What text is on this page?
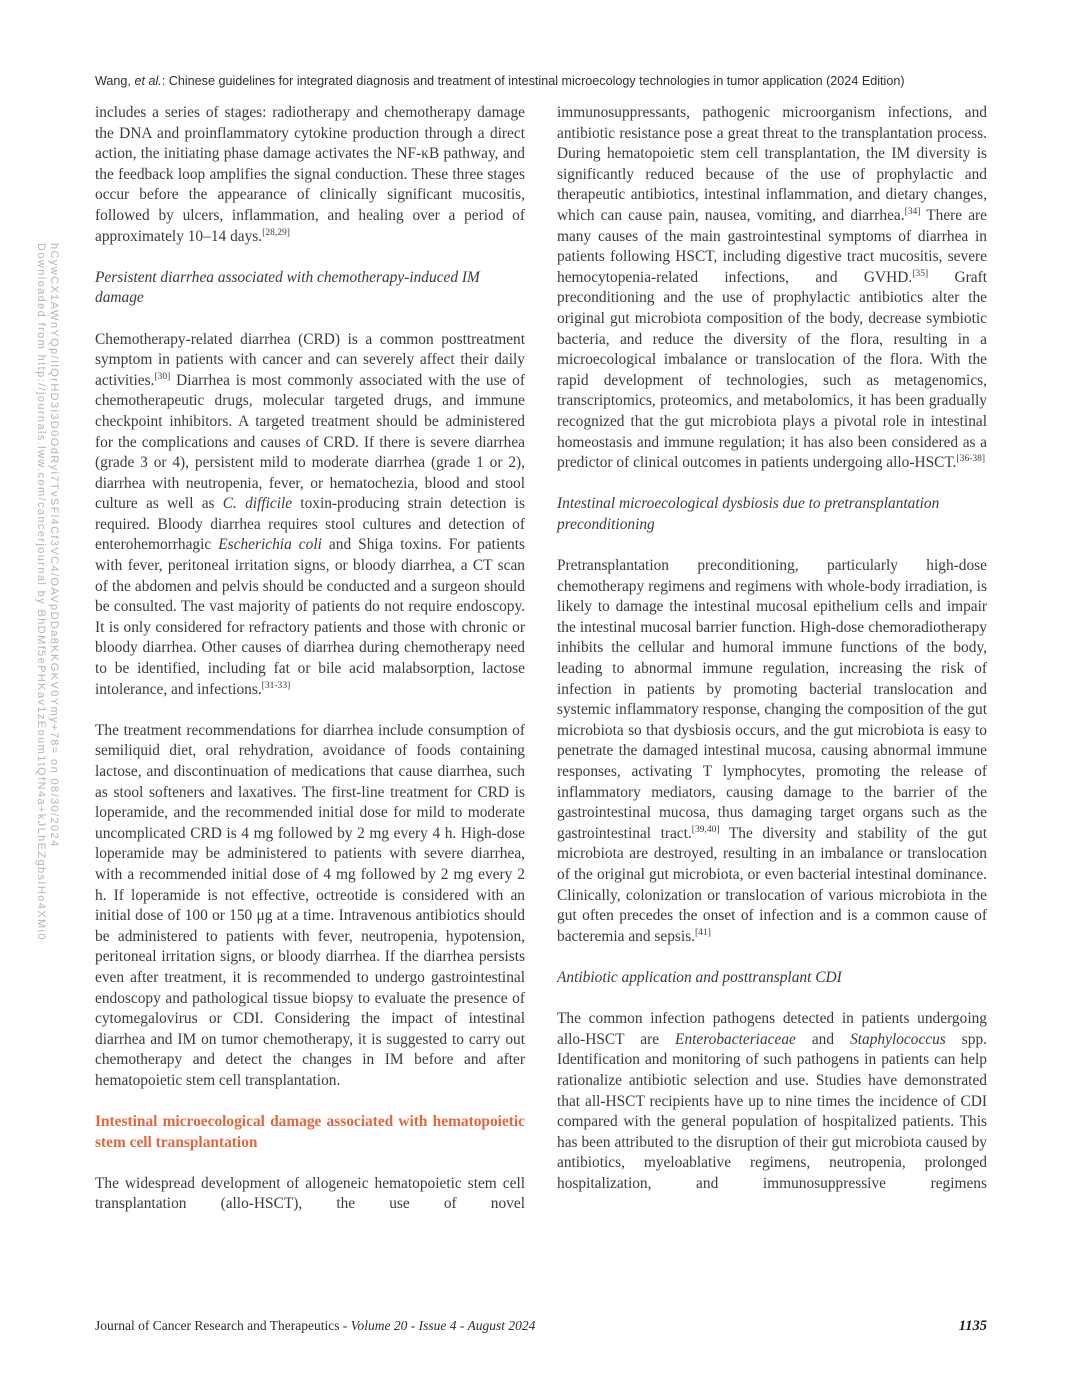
Wang, et al.: Chinese guidelines for integrated diagnosis and treatment of intestinal microecology technologies in tumor application (2024 Edition)
Downloaded from http://journals.lww.com/cancerjournal by BhDMf5ePHKav1zEoum1tQfN4a+kJLhEZgbsIHo4XMi0 hCywCX1AWnYQp/IlQrHD3i3D0OdRyi7TvSFl4Cf3VC4/OAVpDDa8KKGKV0Ymy+78= on 08/30/2024

includes a series of stages: radiotherapy and chemotherapy damage the DNA and proinflammatory cytokine production through a direct action, the initiating phase damage activates the NF-κB pathway, and the feedback loop amplifies the signal conduction. These three stages occur before the appearance of clinically significant mucositis, followed by ulcers, inflammation, and healing over a period of approximately 10–14 days.[28,29]

Persistent diarrhea associated with chemotherapy-induced IM damage

Chemotherapy-related diarrhea (CRD) is a common posttreatment symptom in patients with cancer and can severely affect their daily activities.[30] Diarrhea is most commonly associated with the use of chemotherapeutic drugs, molecular targeted drugs, and immune checkpoint inhibitors. A targeted treatment should be administered for the complications and causes of CRD. If there is severe diarrhea (grade 3 or 4), persistent mild to moderate diarrhea (grade 1 or 2), diarrhea with neutropenia, fever, or hematochezia, blood and stool culture as well as C. difficile toxin-producing strain detection is required. Bloody diarrhea requires stool cultures and detection of enterohemorrhagic Escherichia coli and Shiga toxins. For patients with fever, peritoneal irritation signs, or bloody diarrhea, a CT scan of the abdomen and pelvis should be conducted and a surgeon should be consulted. The vast majority of patients do not require endoscopy. It is only considered for refractory patients and those with chronic or bloody diarrhea. Other causes of diarrhea during chemotherapy need to be identified, including fat or bile acid malabsorption, lactose intolerance, and infections.[31-33]

The treatment recommendations for diarrhea include consumption of semiliquid diet, oral rehydration, avoidance of foods containing lactose, and discontinuation of medications that cause diarrhea, such as stool softeners and laxatives. The first-line treatment for CRD is loperamide, and the recommended initial dose for mild to moderate uncomplicated CRD is 4 mg followed by 2 mg every 4 h. High-dose loperamide may be administered to patients with severe diarrhea, with a recommended initial dose of 4 mg followed by 2 mg every 2 h. If loperamide is not effective, octreotide is considered with an initial dose of 100 or 150 μg at a time. Intravenous antibiotics should be administered to patients with fever, neutropenia, hypotension, peritoneal irritation signs, or bloody diarrhea. If the diarrhea persists even after treatment, it is recommended to undergo gastrointestinal endoscopy and pathological tissue biopsy to evaluate the presence of cytomegalovirus or CDI. Considering the impact of intestinal diarrhea and IM on tumor chemotherapy, it is suggested to carry out chemotherapy and detect the changes in IM before and after hematopoietic stem cell transplantation.

Intestinal microecological damage associated with hematopoietic stem cell transplantation

The widespread development of allogeneic hematopoietic stem cell transplantation (allo-HSCT), the use of novel

immunosuppressants, pathogenic microorganism infections, and antibiotic resistance pose a great threat to the transplantation process. During hematopoietic stem cell transplantation, the IM diversity is significantly reduced because of the use of prophylactic and therapeutic antibiotics, intestinal inflammation, and dietary changes, which can cause pain, nausea, vomiting, and diarrhea.[34] There are many causes of the main gastrointestinal symptoms of diarrhea in patients following HSCT, including digestive tract mucositis, severe hemocytopenia-related infections, and GVHD.[35] Graft preconditioning and the use of prophylactic antibiotics alter the original gut microbiota composition of the body, decrease symbiotic bacteria, and reduce the diversity of the flora, resulting in a microecological imbalance or translocation of the flora. With the rapid development of technologies, such as metagenomics, transcriptomics, proteomics, and metabolomics, it has been gradually recognized that the gut microbiota plays a pivotal role in intestinal homeostasis and immune regulation; it has also been considered as a predictor of clinical outcomes in patients undergoing allo-HSCT.[36-38]

Intestinal microecological dysbiosis due to pretransplantation preconditioning

Pretransplantation preconditioning, particularly high-dose chemotherapy regimens and regimens with whole-body irradiation, is likely to damage the intestinal mucosal epithelium cells and impair the intestinal mucosal barrier function. High-dose chemoradiotherapy inhibits the cellular and humoral immune functions of the body, leading to abnormal immune regulation, increasing the risk of infection in patients by promoting bacterial translocation and systemic inflammatory response, changing the composition of the gut microbiota so that dysbiosis occurs, and the gut microbiota is easy to penetrate the damaged intestinal mucosa, causing abnormal immune responses, activating T lymphocytes, promoting the release of inflammatory mediators, causing damage to the barrier of the gastrointestinal mucosa, thus damaging target organs such as the gastrointestinal tract.[39,40] The diversity and stability of the gut microbiota are destroyed, resulting in an imbalance or translocation of the original gut microbiota, or even bacterial intestinal dominance. Clinically, colonization or translocation of various microbiota in the gut often precedes the onset of infection and is a common cause of bacteremia and sepsis.[41]

Antibiotic application and posttransplant CDI

The common infection pathogens detected in patients undergoing allo-HSCT are Enterobacteriaceae and Staphylococcus spp. Identification and monitoring of such pathogens in patients can help rationalize antibiotic selection and use. Studies have demonstrated that all-HSCT recipients have up to nine times the incidence of CDI compared with the general population of hospitalized patients. This has been attributed to the disruption of their gut microbiota caused by antibiotics, myeloablative regimens, neutropenia, prolonged hospitalization, and immunosuppressive regimens

Journal of Cancer Research and Therapeutics - Volume 20 - Issue 4 - August 2024	1135
